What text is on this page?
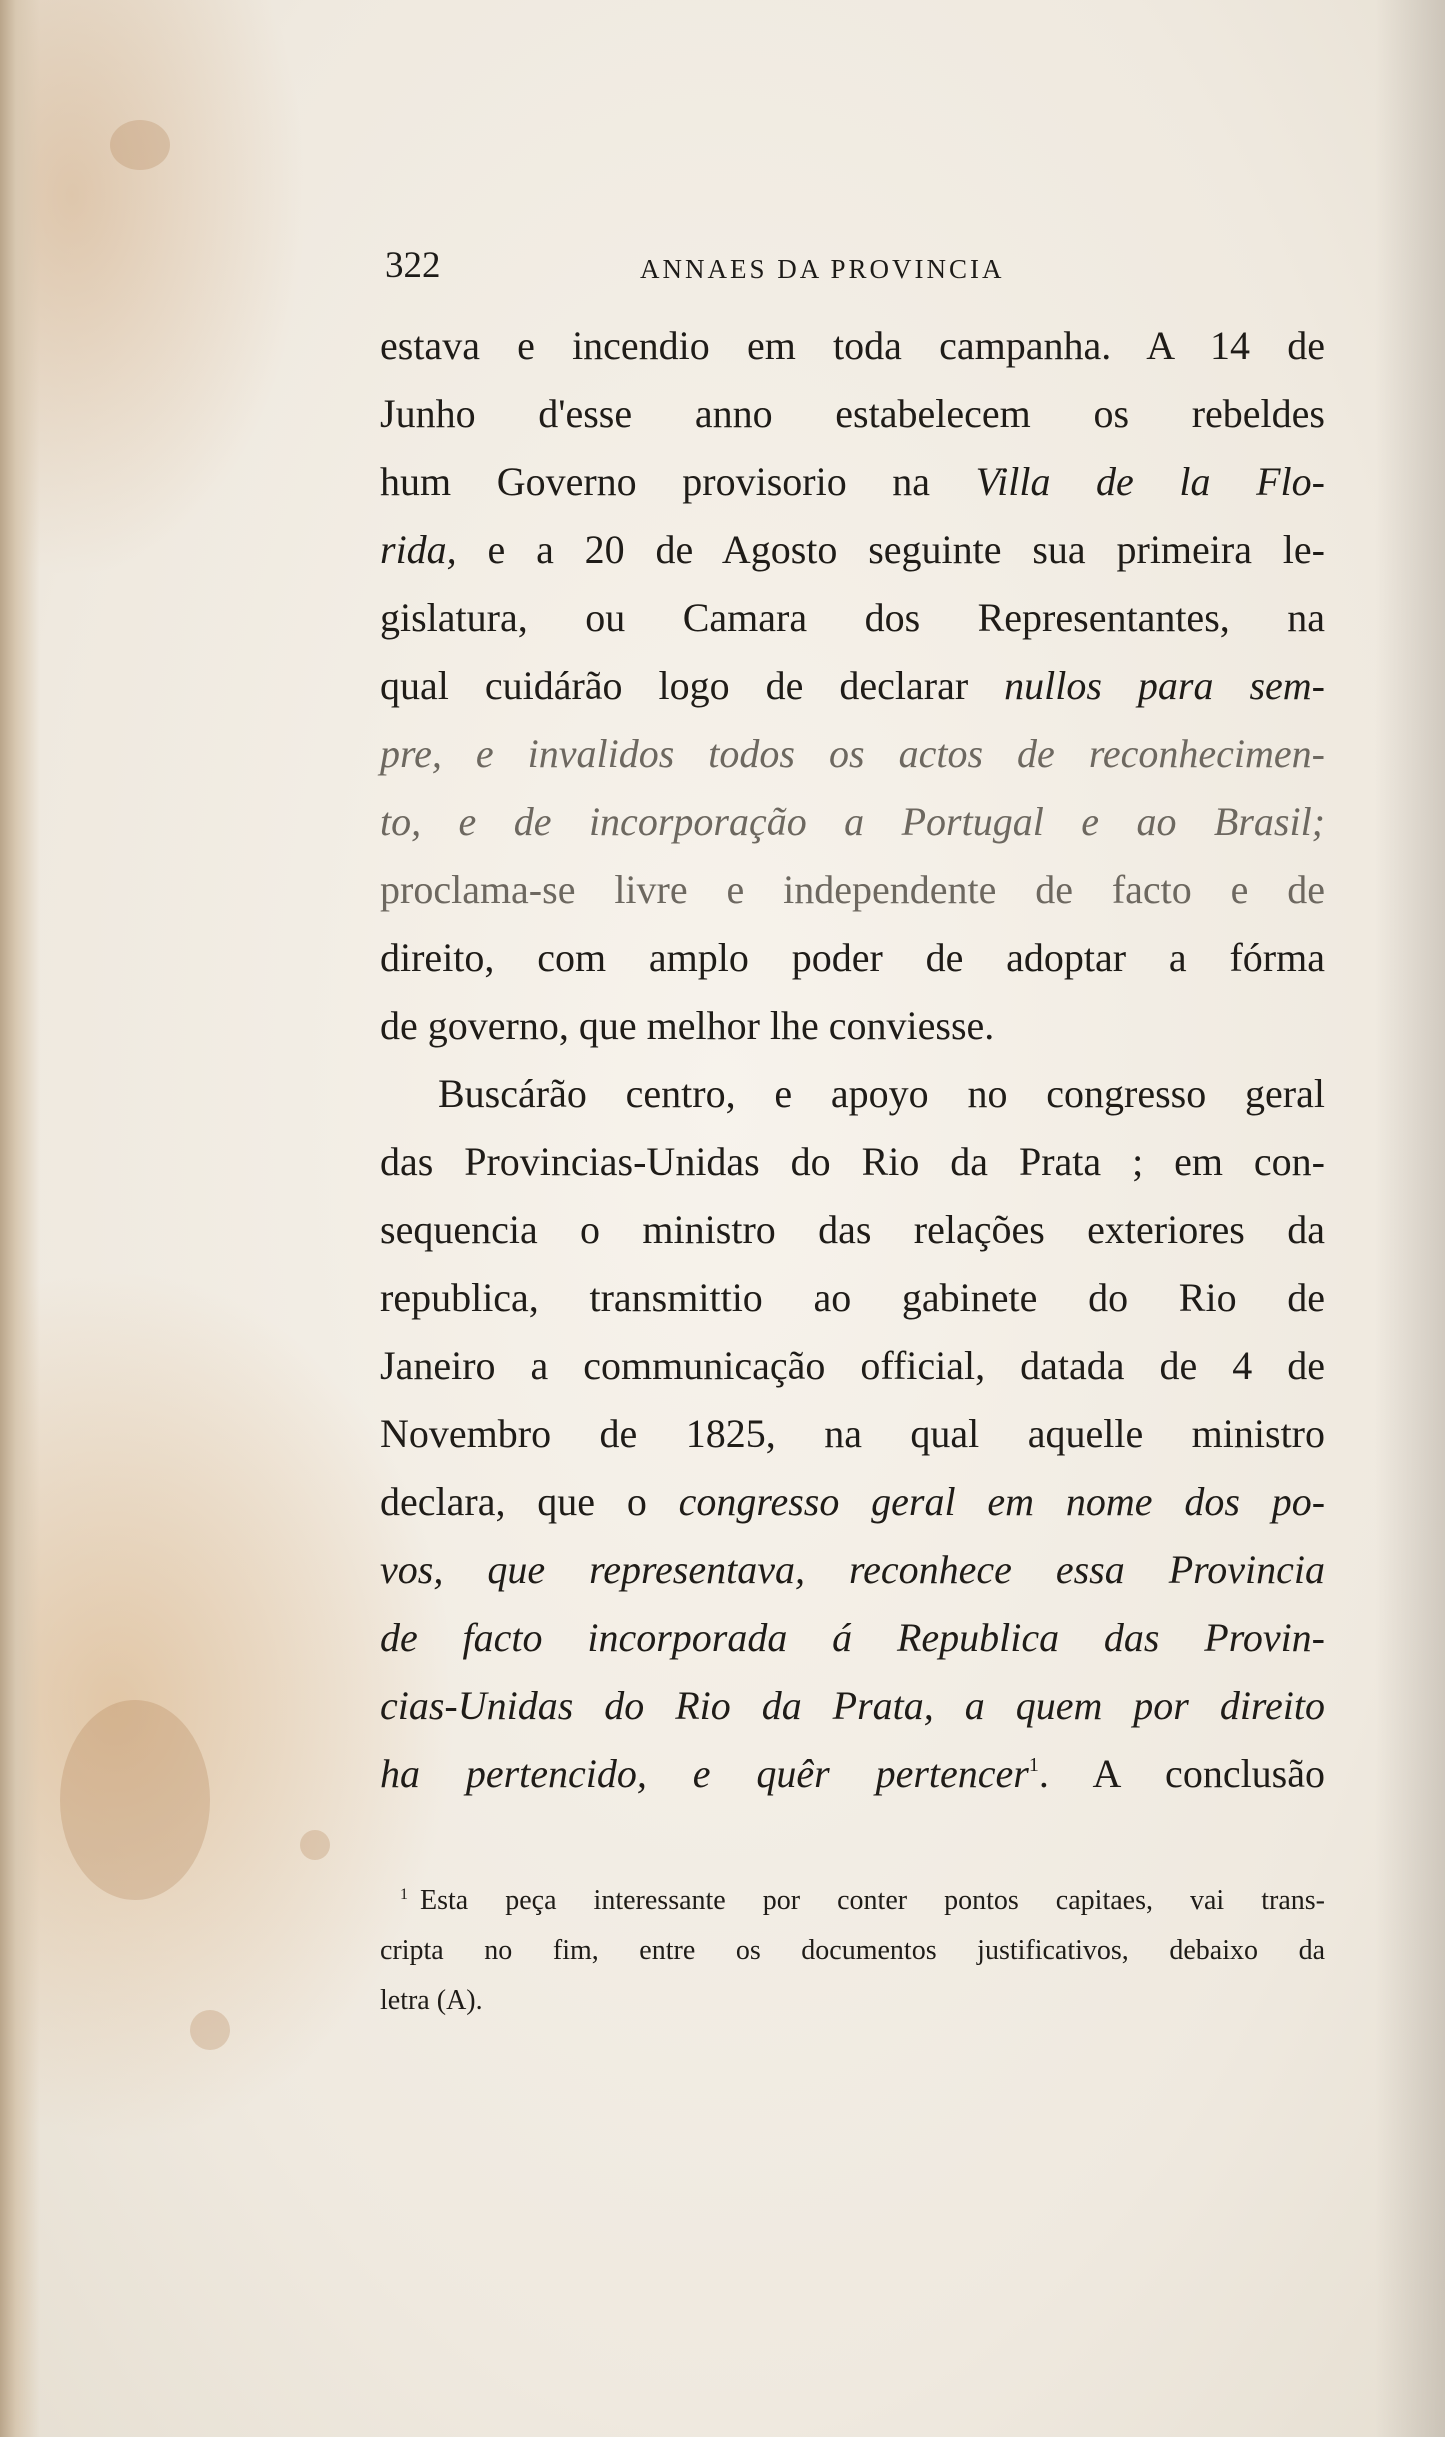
322	ANNAES DA PROVINCIA
estava e incendio em toda campanha. A 14 de
Junho d'esse anno estabelecem os rebeldes
hum Governo provisorio na Villa de la Flo-
rida, e a 20 de Agosto seguinte sua primeira le-
gislatura, ou Camara dos Representantes, na
qual cuidárão logo de declarar nullos para sem-
pre, e invalidos todos os actos de reconhecimen-
to, e de incorporação a Portugal e ao Brasil;
proclama-se livre e independente de facto e de
direito, com amplo poder de adoptar a fórma
de governo, que melhor lhe conviesse.
Buscárão centro, e apoyo no congresso geral
das Provincias-Unidas do Rio da Prata ; em con-
sequencia o ministro das relações exteriores da
republica, transmittio ao gabinete do Rio de
Janeiro a communicação official, datada de 4 de
Novembro de 1825, na qual aquelle ministro
declara, que o congresso geral em nome dos po-
vos, que representava, reconhece essa Provincia
de facto incorporada á Republica das Provin-
cias-Unidas do Rio da Prata, a quem por direito
ha pertencido, e quêr pertencer$^1$. A conclusão
$^1$ Esta peça interessante por conter pontos capitaes, vai trans-
cripta no fim, entre os documentos justificativos, debaixo da
letra (A).
